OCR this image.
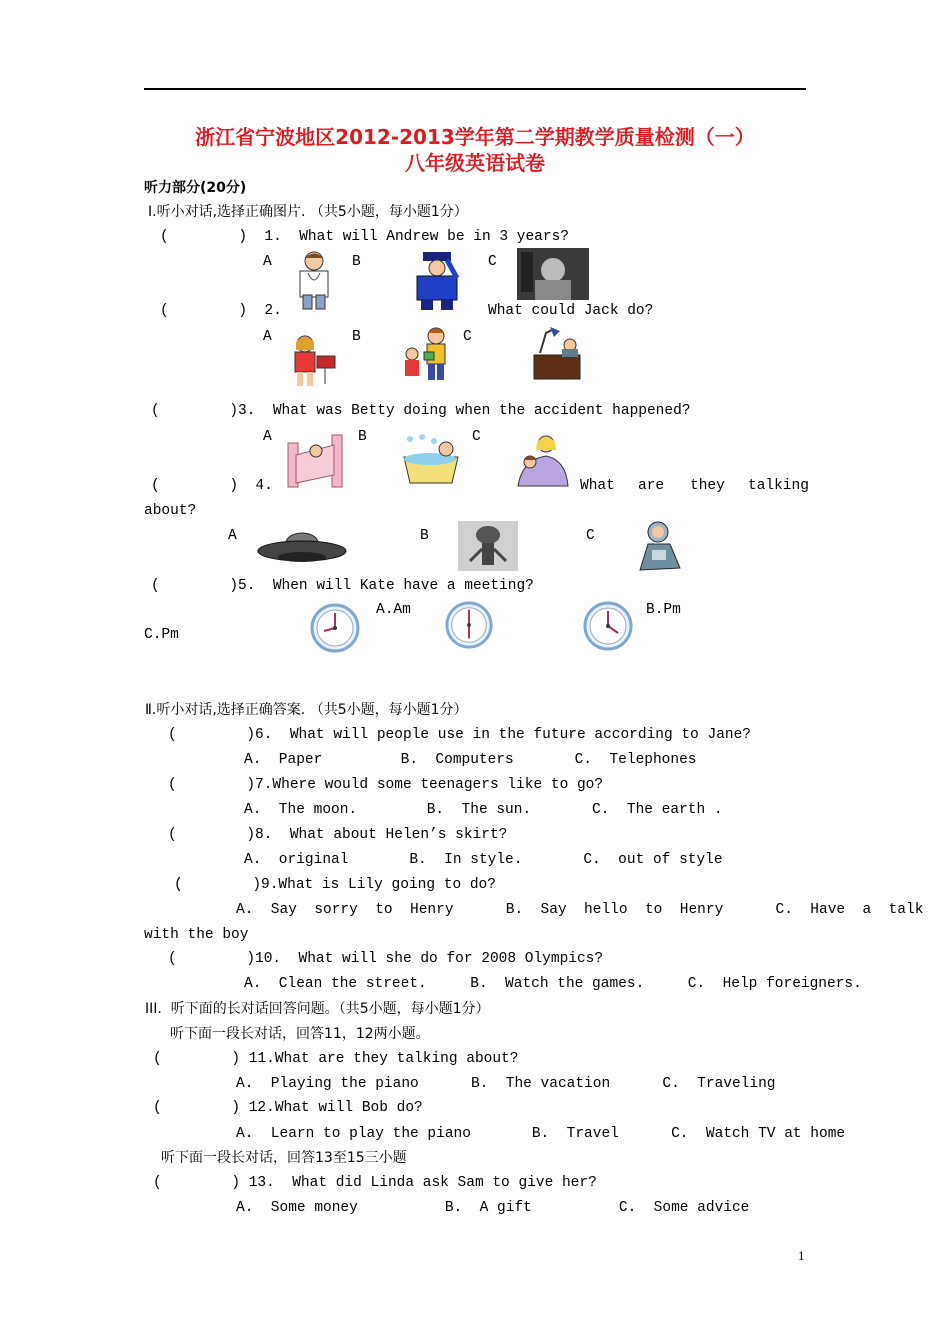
浙江省宁波地区2012-2013学年第二学期教学质量检测（一）
八年级英语试卷
听力部分(20分)
Ⅰ.听小对话,选择正确图片. （共5小题，每小题1分）
(        )  1.  What will Andrew be in 3 years?
A	B	C
(        )  2.	What could Jack do?
A	B	C
(        )3.  What was Betty doing when the accident happened?
A	B	C
(        )  4.	What are they talking
about?
A	B	C
(        )5.  When will Kate have a meeting?
A.Am	B.Pm
C.Pm
Ⅱ.听小对话,选择正确答案. （共5小题，每小题1分）
(        )6.  What will people use in the future according to Jane?
A.  Paper         B.  Computers       C.  Telephones
(        )7.Where would some teenagers like to go?
A.  The moon.        B.  The sun.       C.  The earth .
(        )8.  What about Helen’s skirt?
A.  original       B.  In style.       C.  out of style
(        )9.What is Lily going to do?
A.  Say  sorry  to  Henry      B.  Say  hello  to  Henry      C.  Have  a  talk
with the boy
(        )10.  What will she do for 2008 Olympics?
A.  Clean the street.     B.  Watch the games.     C.  Help foreigners.
III.  听下面的长对话回答问题。（共5小题，每小题1分）
听下面一段长对话，回答11，12两小题。
(        ) 11.What are they talking about?
A.  Playing the piano      B.  The vacation      C.  Traveling
(        ) 12.What will Bob do?
A.  Learn to play the piano       B.  Travel      C.  Watch TV at home
听下面一段长对话，回答13至15三小题
(        ) 13.  What did Linda ask Sam to give her?
A.  Some money          B.  A gift          C.  Some advice
1
